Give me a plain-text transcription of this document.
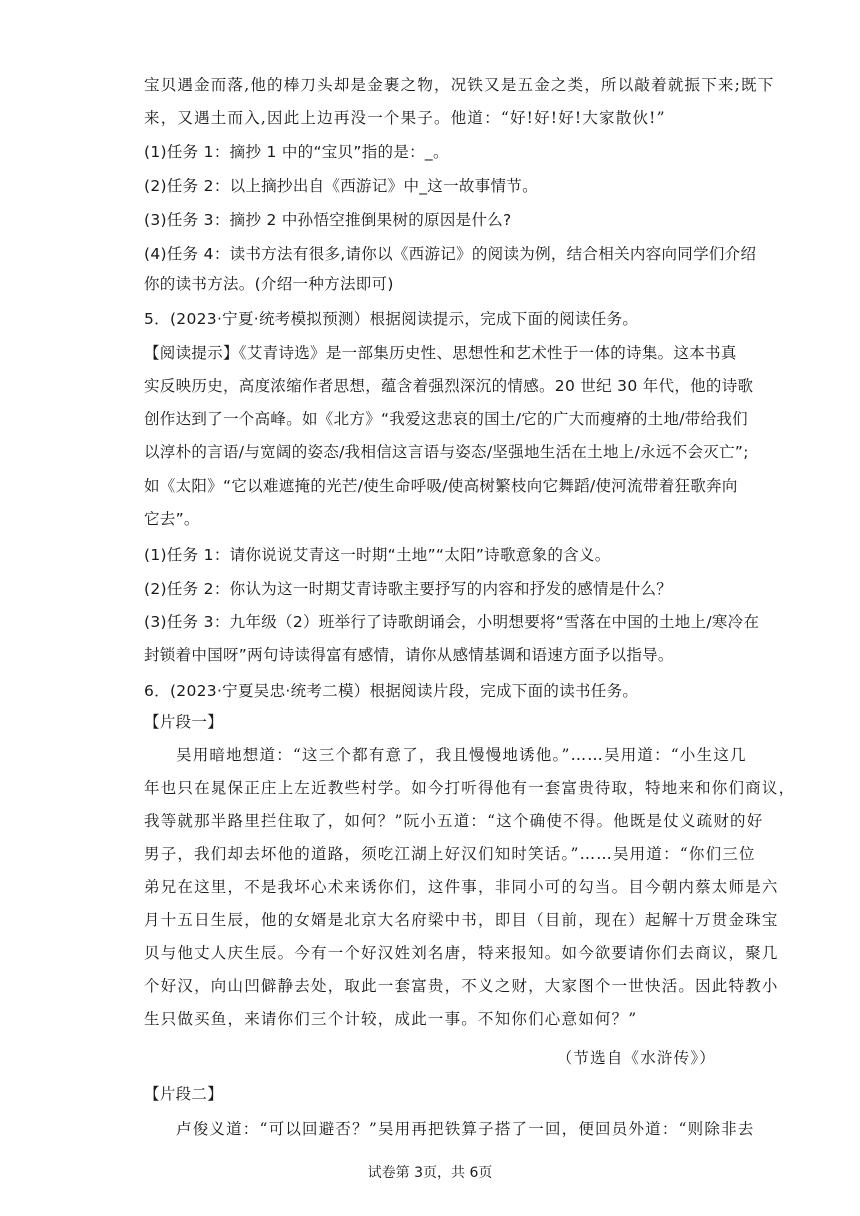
宝贝遇金而落,他的棒刀头却是金裹之物，况铁又是五金之类，所以敲着就振下来;既下
来，又遇土而入,因此上边再没一个果子。他道：“好!好!好!大家散伙!”
(1)任务 1：摘抄 1 中的“宝贝”指的是：_。
(2)任务 2：以上摘抄出自《西游记》中_这一故事情节。
(3)任务 3：摘抄 2 中孙悟空推倒果树的原因是什么?
(4)任务 4：读书方法有很多,请你以《西游记》的阅读为例，结合相关内容向同学们介绍
你的读书方法。(介绍一种方法即可)
5．(2023·宁夏·统考模拟预测）根据阅读提示，完成下面的阅读任务。
【阅读提示】《艾青诗选》是一部集历史性、思想性和艺术性于一体的诗集。这本书真
实反映历史，高度浓缩作者思想，蕴含着强烈深沉的情感。20 世纪 30 年代，他的诗歌
创作达到了一个高峰。如《北方》“我爱这悲哀的国土/它的广大而瘦瘠的土地/带给我们
以淳朴的言语/与宽阔的姿态/我相信这言语与姿态/坚强地生活在土地上/永远不会灭亡”;
如《太阳》“它以难遮掩的光芒/使生命呼吸/使高树繁枝向它舞蹈/使河流带着狂歌奔向
它去”。
(1)任务 1：请你说说艾青这一时期“土地”“太阳”诗歌意象的含义。
(2)任务 2：你认为这一时期艾青诗歌主要抒写的内容和抒发的感情是什么？
(3)任务 3：九年级（2）班举行了诗歌朗诵会，小明想要将“雪落在中国的土地上/寒冷在
封锁着中国呀”两句诗读得富有感情，请你从感情基调和语速方面予以指导。
6．(2023·宁夏吴忠·统考二模）根据阅读片段，完成下面的读书任务。
【片段一】
吴用暗地想道：“这三个都有意了，我且慢慢地诱他。”……吴用道：“小生这几
年也只在晁保正庄上左近教些村学。如今打听得他有一套富贵待取，特地来和你们商议，
我等就那半路里拦住取了，如何？”阮小五道：“这个确使不得。他既是仗义疏财的好
男子，我们却去坏他的道路，须吃江湖上好汉们知时笑话。”……吴用道：“你们三位
弟兄在这里，不是我坏心术来诱你们，这件事，非同小可的勾当。目今朝内蔡太师是六
月十五日生辰，他的女婿是北京大名府梁中书，即目（目前，现在）起解十万贯金珠宝
贝与他丈人庆生辰。今有一个好汉姓刘名唐，特来报知。如今欲要请你们去商议，聚几
个好汉，向山凹僻静去处，取此一套富贵，不义之财，大家图个一世快活。因此特教小
生只做买鱼，来请你们三个计较，成此一事。不知你们心意如何？”
（节选自《水浒传》）
【片段二】
卢俊义道：“可以回避否？”吴用再把铁算子搭了一回，便回员外道：“则除非去
试卷第 3页，共 6页
